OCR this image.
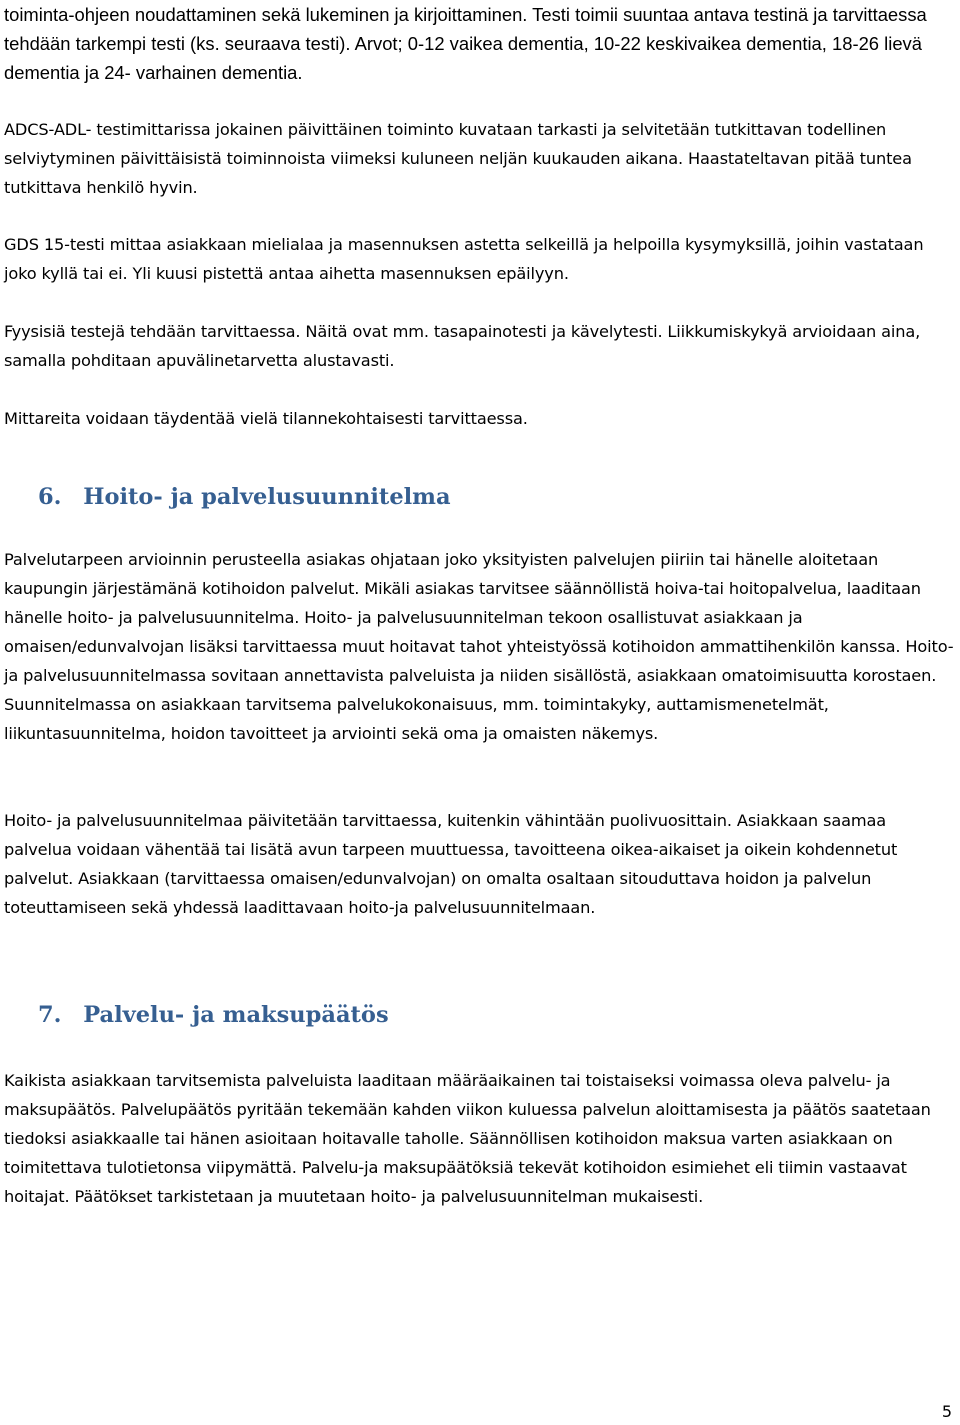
toiminta-ohjeen noudattaminen sekä lukeminen ja kirjoittaminen. Testi toimii suuntaa antava testinä ja tarvittaessa tehdään tarkempi testi (ks. seuraava testi). Arvot; 0-12 vaikea dementia, 10-22 keskivaikea dementia, 18-26 lievä dementia ja 24- varhainen dementia.

ADCS-ADL- testimittarissa jokainen päivittäinen toiminto kuvataan tarkasti ja selvitetään tutkittavan todellinen selviytyminen päivittäisistä toiminnoista viimeksi kuluneen neljän kuukauden aikana. Haastateltavan pitää tuntea tutkittava henkilö hyvin.

GDS 15-testi mittaa asiakkaan mielialaa ja masennuksen astetta selkeillä ja helpoilla kysymyksillä, joihin vastataan joko kyllä tai ei. Yli kuusi pistettä antaa aihetta masennuksen epäilyyn.

Fyysisiä testejä tehdään tarvittaessa. Näitä ovat mm. tasapainotesti ja kävelytesti. Liikkumiskykyä arvioidaan aina, samalla pohditaan apuvälinetarvetta alustavasti.

Mittareita voidaan täydentää vielä tilannekohtaisesti tarvittaessa.

6. Hoito- ja palvelusuunnitelma

Palvelutarpeen arvioinnin perusteella asiakas ohjataan joko yksityisten palvelujen piiriin tai hänelle aloitetaan kaupungin järjestämänä kotihoidon palvelut. Mikäli asiakas tarvitsee säännöllistä hoiva-tai hoitopalvelua, laaditaan hänelle hoito- ja palvelusuunnitelma. Hoito- ja palvelusuunnitelman tekoon osallistuvat asiakkaan ja omaisen/edunvalvojan lisäksi tarvittaessa muut hoitavat tahot yhteistyössä kotihoidon ammattihenkilön kanssa. Hoito- ja palvelusuunnitelmassa sovitaan annettavista palveluista ja niiden sisällöstä, asiakkaan omatoimisuutta korostaen. Suunnitelmassa on asiakkaan tarvitsema palvelukokonaisuus, mm. toimintakyky, auttamismenetelmät, liikuntasuunnitelma, hoidon tavoitteet ja arviointi sekä oma ja omaisten näkemys.

Hoito- ja palvelusuunnitelmaa päivitetään tarvittaessa, kuitenkin vähintään puolivuosittain. Asiakkaan saamaa palvelua voidaan vähentää tai lisätä avun tarpeen muuttuessa, tavoitteena oikea-aikaiset ja oikein kohdennetut palvelut. Asiakkaan (tarvittaessa omaisen/edunvalvojan) on omalta osaltaan sitouduttava hoidon ja palvelun toteuttamiseen sekä yhdessä laadittavaan hoito-ja palvelusuunnitelmaan.

7. Palvelu- ja maksupäätös

Kaikista asiakkaan tarvitsemista palveluista laaditaan määräaikainen tai toistaiseksi voimassa oleva palvelu- ja maksupäätös. Palvelupäätös pyritään tekemään kahden viikon kuluessa palvelun aloittamisesta ja päätös saatetaan tiedoksi asiakkaalle tai hänen asioitaan hoitavalle taholle. Säännöllisen kotihoidon maksua varten asiakkaan on toimitettava tulotietonsa viipymättä. Palvelu-ja maksupäätöksiä tekevät kotihoidon esimiehet eli tiimin vastaavat hoitajat. Päätökset tarkistetaan ja muutetaan hoito- ja palvelusuunnitelman mukaisesti.

5
